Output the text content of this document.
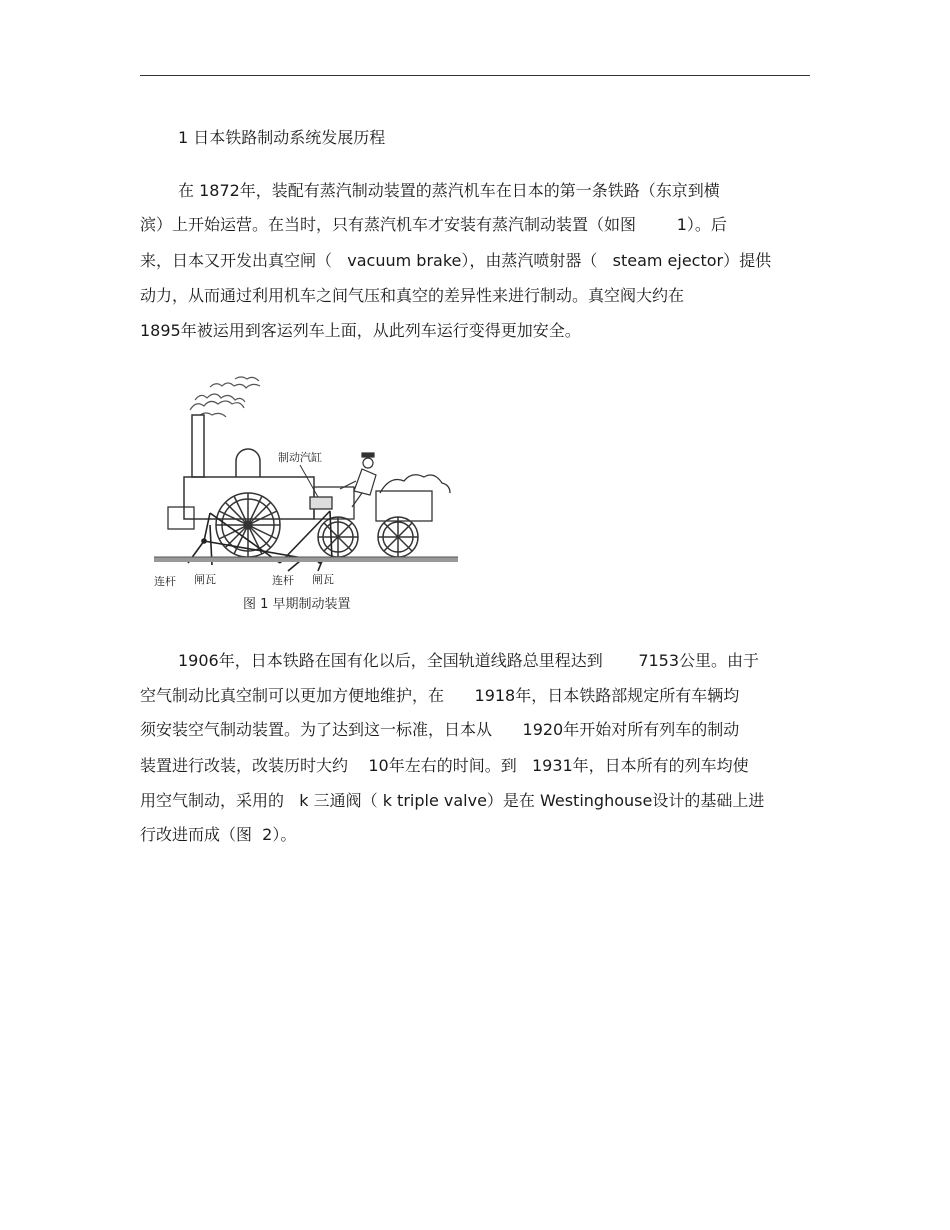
1 日本铁路制动系统发展历程
在 1872年，装配有蒸汽制动装置的蒸汽机车在日本的第一条铁路（东京到横
滨）上开始运营。在当时，只有蒸汽机车才安装有蒸汽制动装置（如图        1）。后
来，日本又开发出真空闸（   vacuum brake），由蒸汽喷射器（   steam ejector）提供
动力，从而通过利用机车之间气压和真空的差异性来进行制动。真空阀大约在
1895年被运用到客运列车上面，从此列车运行变得更加安全。
制动汽缸
连杆 闸瓦	连杆 闸瓦
图 1 早期制动装置
1906年，日本铁路在国有化以后，全国轨道线路总里程达到       7153公里。由于
空气制动比真空制可以更加方便地维护，在      1918年，日本铁路部规定所有车辆均
须安装空气制动装置。为了达到这一标准，日本从      1920年开始对所有列车的制动
装置进行改装，改装历时大约    10年左右的时间。到   1931年，日本所有的列车均使
用空气制动，采用的   k 三通阀（ k triple valve）是在 Westinghouse设计的基础上进
行改进而成（图  2）。
